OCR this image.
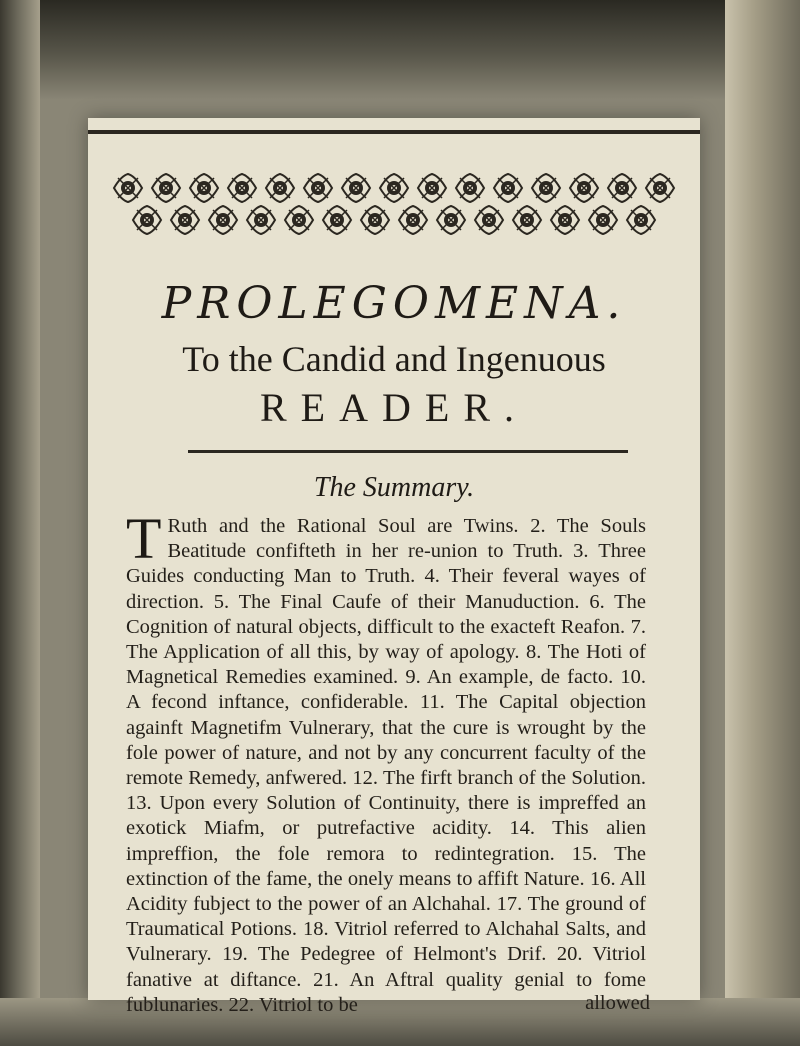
PROLEGOMENA.
To the Candid and Ingenuous
READER.
The Summary.
T Ruth and the Rational Soul are Twins. 2. The Souls Beatitude confifteth in her re-union to Truth. 3. Three Guides conducting Man to Truth. 4. Their feveral wayes of direction. 5. The Final Caufe of their Manuduction. 6. The Cognition of natural objects, difficult to the exacteft Reafon. 7. The Application of all this, by way of apology. 8. The Hoti of Magnetical Remedies examined. 9. An example, de facto. 10. A fecond inftance, confiderable. 11. The Capital objection againft Magnetifm Vulnerary, that the cure is wrought by the fole power of nature, and not by any concurrent faculty of the remote Remedy, anfwered. 12. The firft branch of the Solution. 13. Upon every Solution of Continuity, there is impreffed an exotick Miafm, or putrefactive acidity. 14. This alien impreffion, the fole remora to redintegration. 15. The extinction of the fame, the onely means to affift Nature. 16. All Acidity fubject to the power of an Alchahal. 17. The ground of Traumatical Potions. 18. Vitriol referred to Alchahal Salts, and Vulnerary. 19. The Pedegree of Helmont's Drif. 20. Vitriol fanative at diftance. 21. An Aftral quality genial to fome fublunaries. 22. Vitriol to be	allowed
